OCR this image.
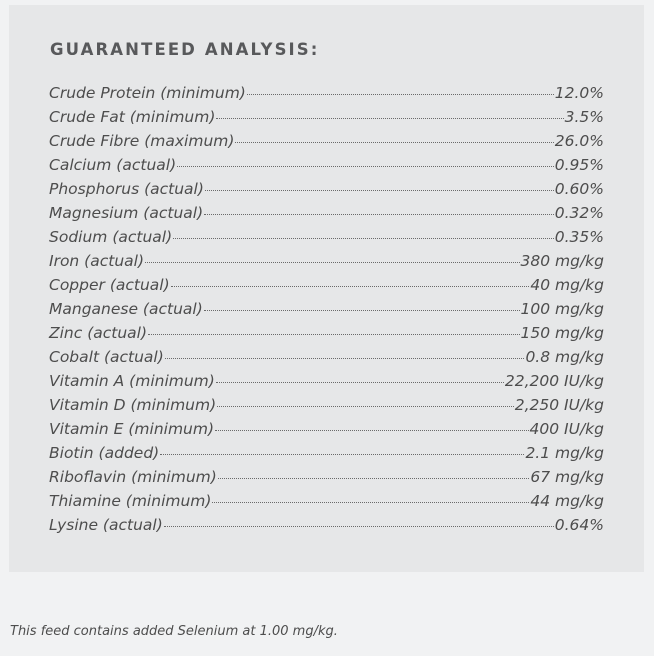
GUARANTEED ANALYSIS:
Crude Protein (minimum)	12.0%
Crude Fat (minimum)	3.5%
Crude Fibre (maximum)	26.0%
Calcium (actual)	0.95%
Phosphorus (actual)	0.60%
Magnesium (actual)	0.32%
Sodium (actual)	0.35%
Iron (actual)	380 mg/kg
Copper (actual)	40 mg/kg
Manganese (actual)	100 mg/kg
Zinc (actual)	150 mg/kg
Cobalt (actual)	0.8 mg/kg
Vitamin A (minimum)	22,200 IU/kg
Vitamin D (minimum)	2,250 IU/kg
Vitamin E (minimum)	400 IU/kg
Biotin (added)	2.1 mg/kg
Riboflavin (minimum)	67 mg/kg
Thiamine (minimum)	44 mg/kg
Lysine (actual)	0.64%

This feed contains added Selenium at 1.00 mg/kg.
